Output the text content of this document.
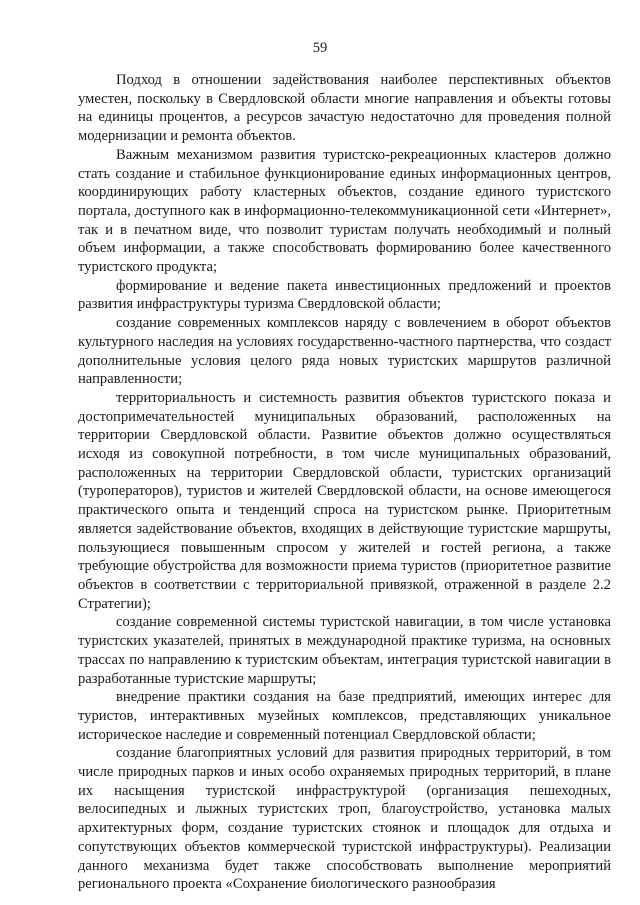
59

Подход в отношении задействования наиболее перспективных объектов уместен, поскольку в Свердловской области многие направления и объекты готовы на единицы процентов, а ресурсов зачастую недостаточно для проведения полной модернизации и ремонта объектов.

Важным механизмом развития туристско-рекреационных кластеров должно стать создание и стабильное функционирование единых информационных центров, координирующих работу кластерных объектов, создание единого туристского портала, доступного как в информационно-телекоммуникационной сети «Интернет», так и в печатном виде, что позволит туристам получать необходимый и полный объем информации, а также способствовать формированию более качественного туристского продукта;

формирование и ведение пакета инвестиционных предложений и проектов развития инфраструктуры туризма Свердловской области;

создание современных комплексов наряду с вовлечением в оборот объектов культурного наследия на условиях государственно-частного партнерства, что создаст дополнительные условия целого ряда новых туристских маршрутов различной направленности;

территориальность и системность развития объектов туристского показа и достопримечательностей муниципальных образований, расположенных на территории Свердловской области. Развитие объектов должно осуществляться исходя из совокупной потребности, в том числе муниципальных образований, расположенных на территории Свердловской области, туристских организаций (туроператоров), туристов и жителей Свердловской области, на основе имеющегося практического опыта и тенденций спроса на туристском рынке. Приоритетным является задействование объектов, входящих в действующие туристские маршруты, пользующиеся повышенным спросом у жителей и гостей региона, а также требующие обустройства для возможности приема туристов (приоритетное развитие объектов в соответствии с территориальной привязкой, отраженной в разделе 2.2 Стратегии);

создание современной системы туристской навигации, в том числе установка туристских указателей, принятых в международной практике туризма, на основных трассах по направлению к туристским объектам, интеграция туристской навигации в разработанные туристские маршруты;

внедрение практики создания на базе предприятий, имеющих интерес для туристов, интерактивных музейных комплексов, представляющих уникальное историческое наследие и современный потенциал Свердловской области;

создание благоприятных условий для развития природных территорий, в том числе природных парков и иных особо охраняемых природных территорий, в плане их насыщения туристской инфраструктурой (организация пешеходных, велосипедных и лыжных туристских троп, благоустройство, установка малых архитектурных форм, создание туристских стоянок и площадок для отдыха и сопутствующих объектов коммерческой туристской инфраструктуры). Реализации данного механизма будет также способствовать выполнение мероприятий регионального проекта «Сохранение биологического разнообразия
